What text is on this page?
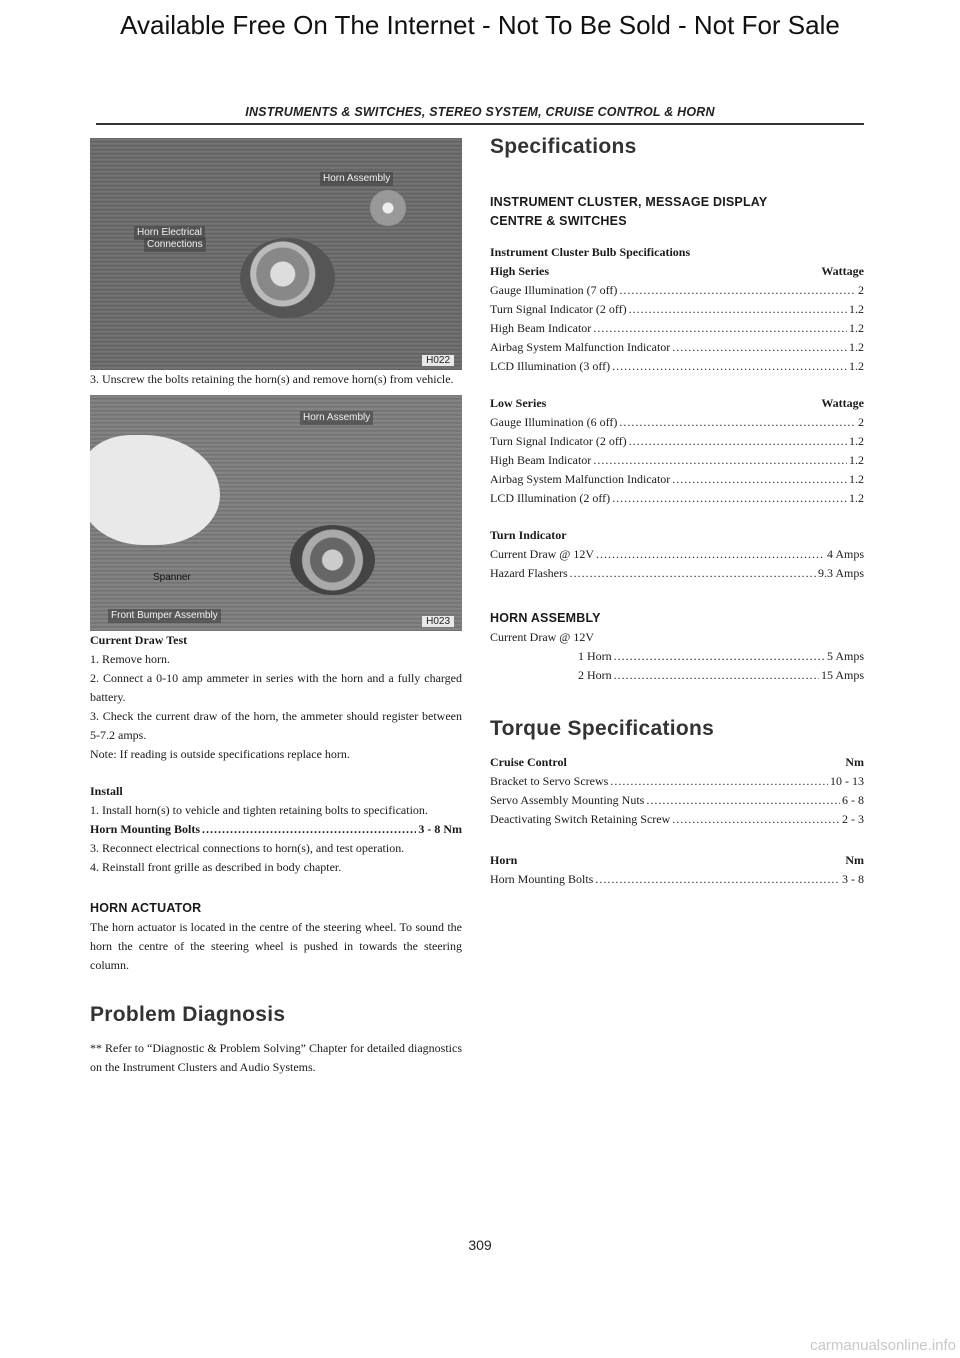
Available Free On The Internet - Not To Be Sold - Not For Sale
INSTRUMENTS & SWITCHES, STEREO SYSTEM, CRUISE CONTROL & HORN
Horn Assembly
Horn Electrical
Connections
H022

3. Unscrew the bolts retaining the horn(s) and remove horn(s) from vehicle.

Horn Assembly
Spanner
Front Bumper Assembly
H023

Current Draw Test

1. Remove horn.

2. Connect a 0-10 amp ammeter in series with the horn and a fully charged battery.

3. Check the current draw of the horn, the ammeter should register between 5-7.2 amps.

Note: If reading is outside specifications replace horn.

Install

1. Install horn(s) to vehicle and tighten retaining bolts to specification.

Horn Mounting Bolts .....	3 - 8 Nm

3. Reconnect electrical connections to horn(s), and test operation.

4. Reinstall front grille as described in body chapter.

HORN ACTUATOR

The horn actuator is located in the centre of the steering wheel. To sound the horn the centre of the steering wheel is pushed in towards the steering column.

Problem Diagnosis

** Refer to “Diagnostic & Problem Solving” Chapter for detailed diagnostics on the Instrument Clusters and Audio Systems.

Specifications

INSTRUMENT CLUSTER, MESSAGE DISPLAY

CENTRE & SWITCHES

Instrument Cluster Bulb Specifications

High Series	Wattage
Gauge Illumination (7 off) .....	2
Turn Signal Indicator (2 off) .....	1.2
High Beam Indicator .....	1.2
Airbag System Malfunction Indicator .....	1.2
LCD Illumination (3 off) .....	1.2
Low Series	Wattage
Gauge Illumination (6 off) .....	2
Turn Signal Indicator (2 off) .....	1.2
High Beam Indicator .....	1.2
Airbag System Malfunction Indicator .....	1.2
LCD Illumination (2 off) .....	1.2

Turn Indicator

Current Draw @ 12V .....	4 Amps
Hazard Flashers .....	9.3 Amps

HORN ASSEMBLY

Current Draw @ 12V

1 Horn .....	5 Amps
2 Horn .....	15 Amps

Torque Specifications

Cruise Control	Nm
Bracket to Servo Screws .....	10 - 13
Servo Assembly Mounting Nuts .....	6 - 8
Deactivating Switch Retaining Screw .....	2 - 3
Horn	Nm
Horn Mounting Bolts .....	3 - 8
309
carmanualsonline.info
